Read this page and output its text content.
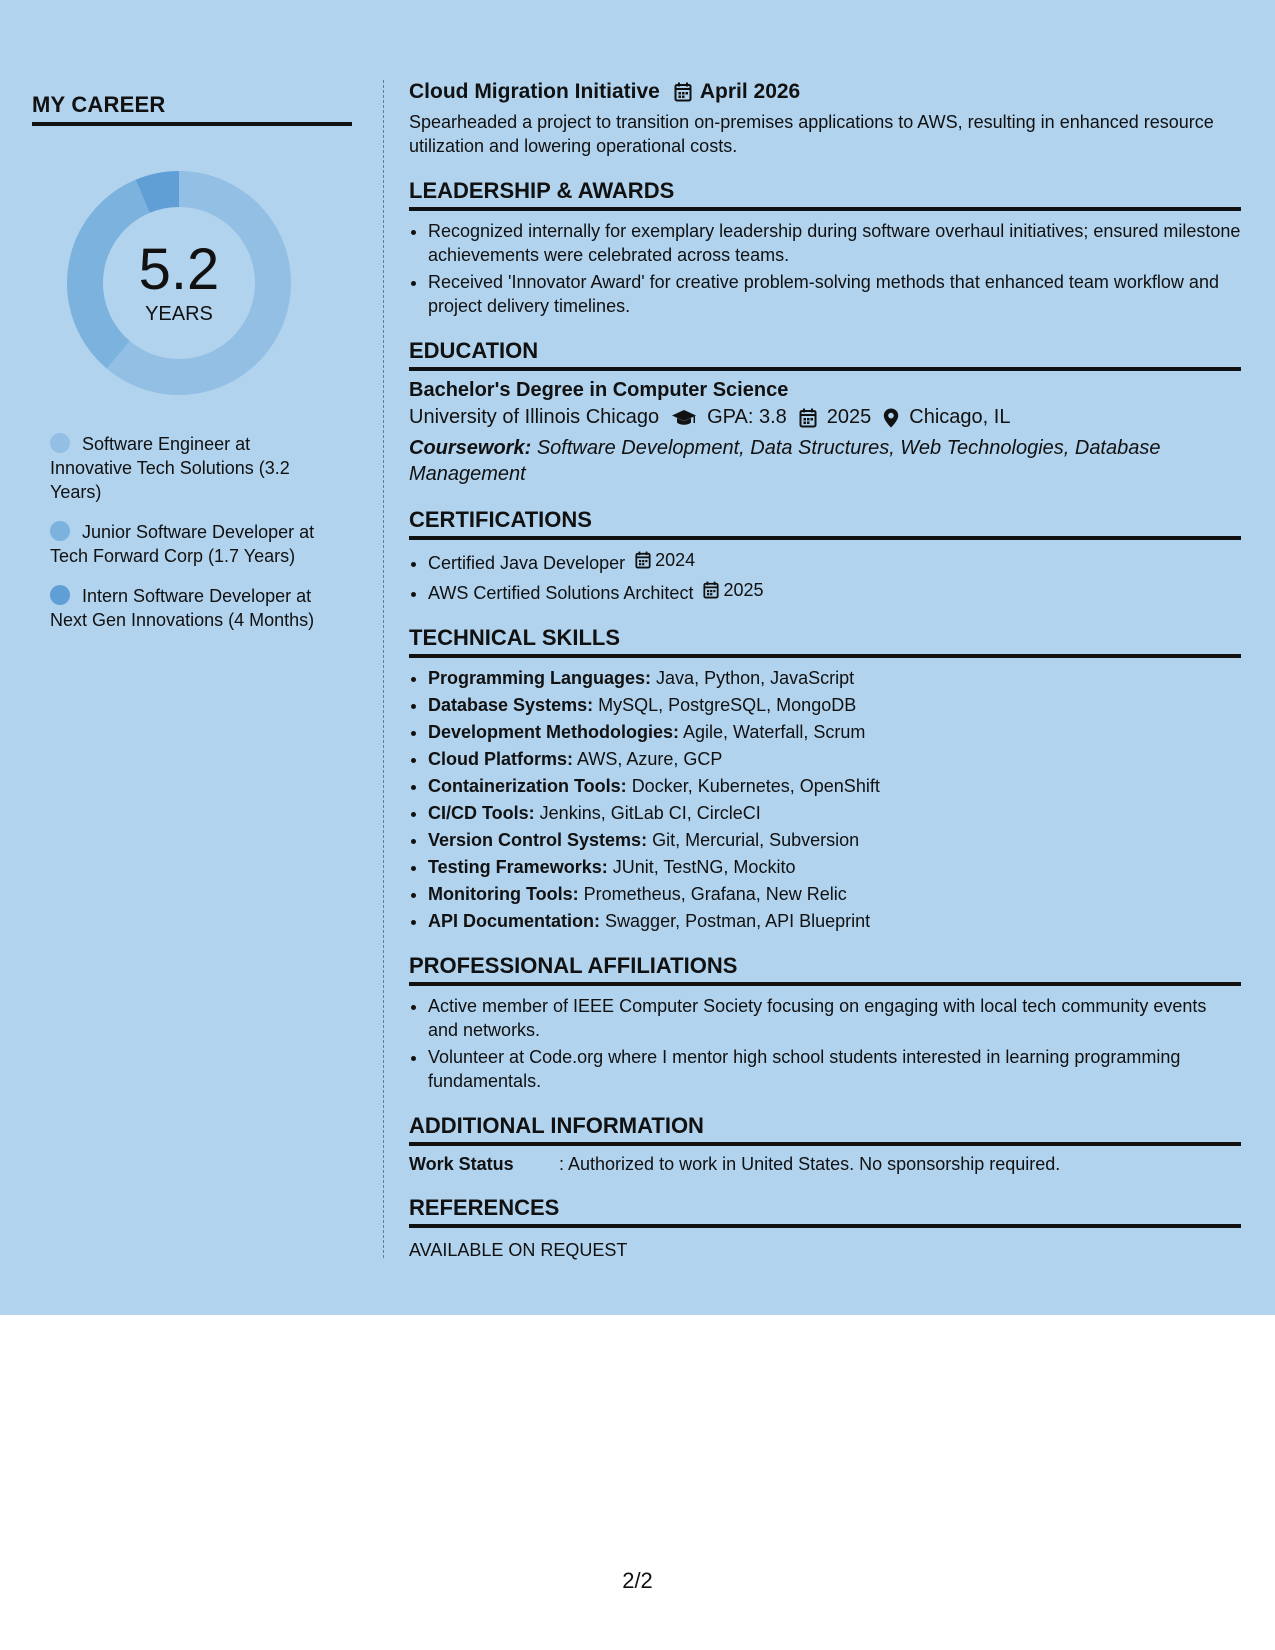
MY CAREER
5.2
YEARS
Software Engineer at Innovative Tech Solutions (3.2 Years)
Junior Software Developer at Tech Forward Corp (1.7 Years)
Intern Software Developer at Next Gen Innovations (4 Months)
Cloud Migration Initiative April 2026

Spearheaded a project to transition on-premises applications to AWS, resulting in enhanced resource utilization and lowering operational costs.

LEADERSHIP & AWARDS
• Recognized internally for exemplary leadership during software overhaul initiatives; ensured milestone achievements were celebrated across teams.
• Received 'Innovator Award' for creative problem-solving methods that enhanced team workflow and project delivery timelines.
EDUCATION
Bachelor's Degree in Computer Science
University of Illinois Chicago GPA: 3.8 2025 Chicago, IL
Coursework: Software Development, Data Structures, Web Technologies, Database Management
CERTIFICATIONS
• Certified Java Developer 2024
• AWS Certified Solutions Architect 2025
TECHNICAL SKILLS
• Programming Languages: Java, Python, JavaScript
• Database Systems: MySQL, PostgreSQL, MongoDB
• Development Methodologies: Agile, Waterfall, Scrum
• Cloud Platforms: AWS, Azure, GCP
• Containerization Tools: Docker, Kubernetes, OpenShift
• CI/CD Tools: Jenkins, GitLab CI, CircleCI
• Version Control Systems: Git, Mercurial, Subversion
• Testing Frameworks: JUnit, TestNG, Mockito
• Monitoring Tools: Prometheus, Grafana, New Relic
• API Documentation: Swagger, Postman, API Blueprint
PROFESSIONAL AFFILIATIONS
• Active member of IEEE Computer Society focusing on engaging with local tech community events and networks.
• Volunteer at Code.org where I mentor high school students interested in learning programming fundamentals.
ADDITIONAL INFORMATION
Work Status	: Authorized to work in United States. No sponsorship required.
REFERENCES
AVAILABLE ON REQUEST
2/2
